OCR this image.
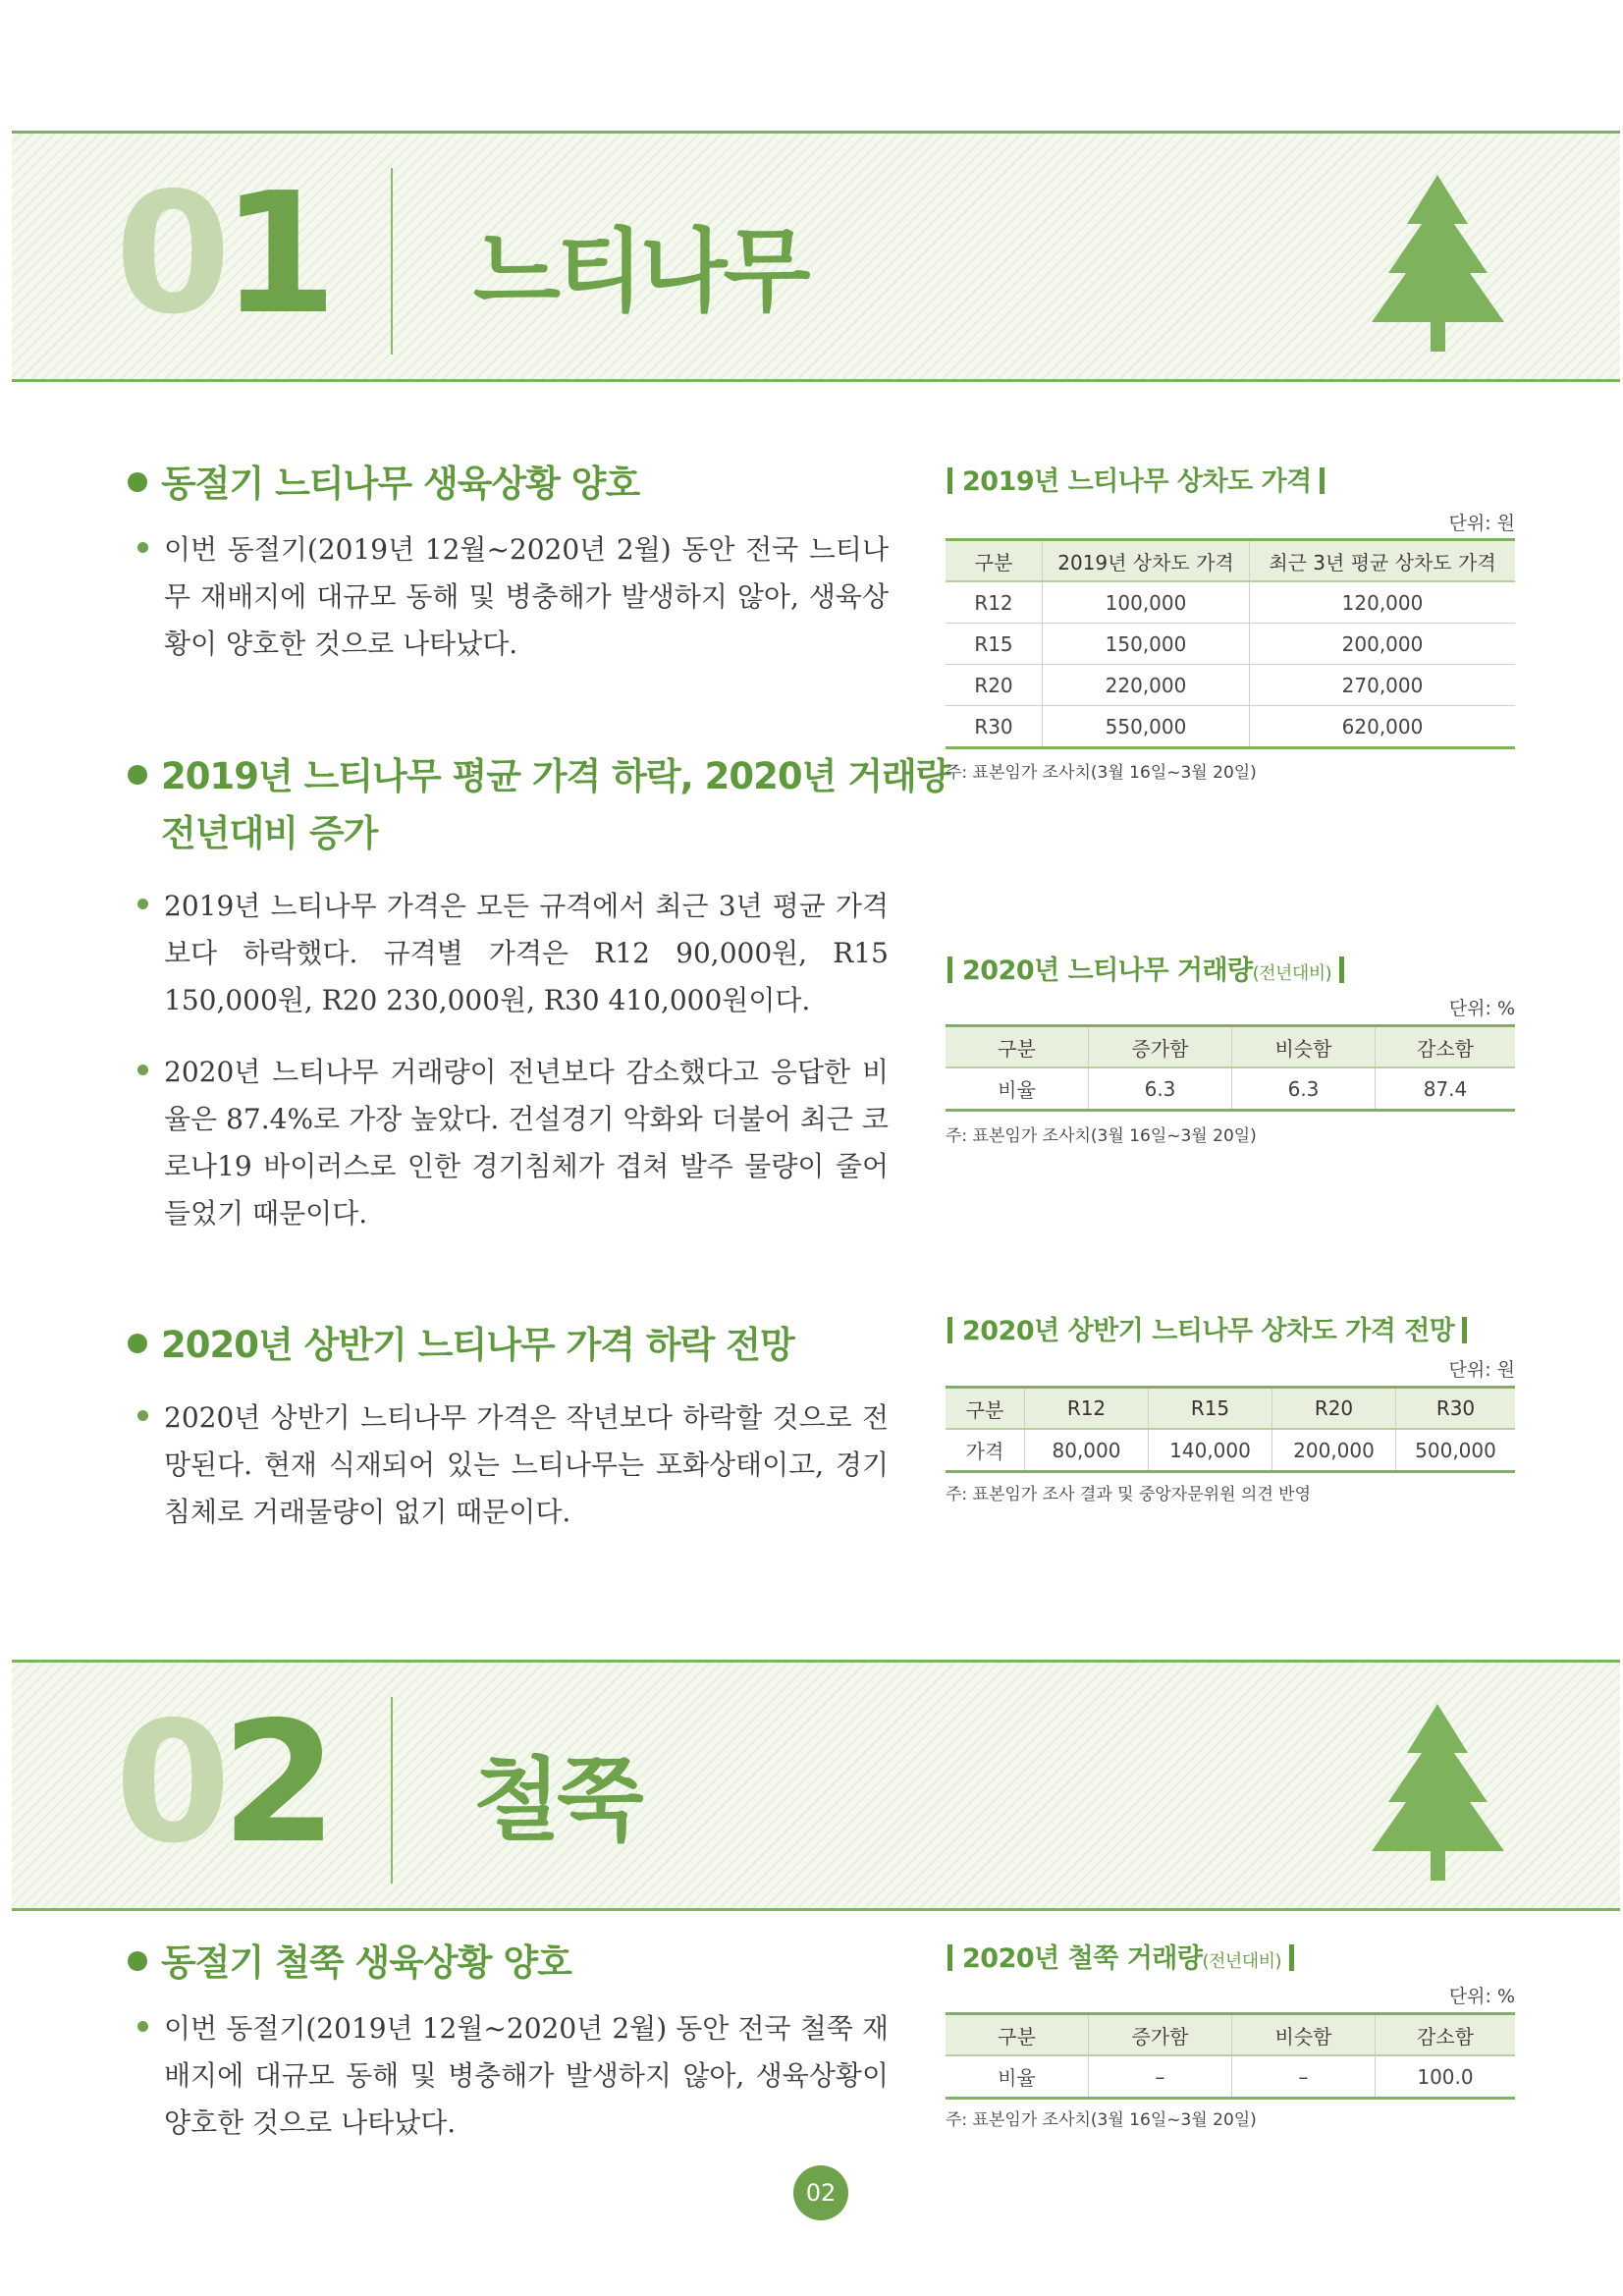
01 느티나무
동절기 느티나무 생육상황 양호
이번 동절기(2019년 12월~2020년 2월) 동안 전국 느티나무 재배지에 대규모 동해 및 병충해가 발생하지 않아, 생육상황이 양호한 것으로 나타났다.
2019년 느티나무 평균 가격 하락, 2020년 거래량
전년대비 증가
2019년 느티나무 가격은 모든 규격에서 최근 3년 평균 가격보다 하락했다. 규격별 가격은 R12 90,000원, R15 150,000원, R20 230,000원, R30 410,000원이다.
2020년 느티나무 거래량이 전년보다 감소했다고 응답한 비율은 87.4%로 가장 높았다. 건설경기 악화와 더불어 최근 코로나19 바이러스로 인한 경기침체가 겹쳐 발주 물량이 줄어들었기 때문이다.
2020년 상반기 느티나무 가격 하락 전망
2020년 상반기 느티나무 가격은 작년보다 하락할 것으로 전망된다. 현재 식재되어 있는 느티나무는 포화상태이고, 경기침체로 거래물량이 없기 때문이다.
2019년 느티나무 상차도 가격
단위: 원
구분	2019년 상차도 가격	최근 3년 평균 상차도 가격
R12	100,000	120,000
R15	150,000	200,000
R20	220,000	270,000
R30	550,000	620,000
주: 표본임가 조사치(3월 16일~3월 20일)
2020년 느티나무 거래량(전년대비)
단위: %
구분	증가함	비슷함	감소함
비율	6.3	6.3	87.4
주: 표본임가 조사치(3월 16일~3월 20일)
2020년 상반기 느티나무 상차도 가격 전망
단위: 원
구분	R12	R15	R20	R30
가격	80,000	140,000	200,000	500,000
주: 표본임가 조사 결과 및 중앙자문위원 의견 반영
02 철쭉
동절기 철쭉 생육상황 양호
이번 동절기(2019년 12월~2020년 2월) 동안 전국 철쭉 재배지에 대규모 동해 및 병충해가 발생하지 않아, 생육상황이 양호한 것으로 나타났다.
2020년 철쭉 거래량(전년대비)
단위: %
구분	증가함	비슷함	감소함
비율	–	–	100.0
주: 표본임가 조사치(3월 16일~3월 20일)
02
